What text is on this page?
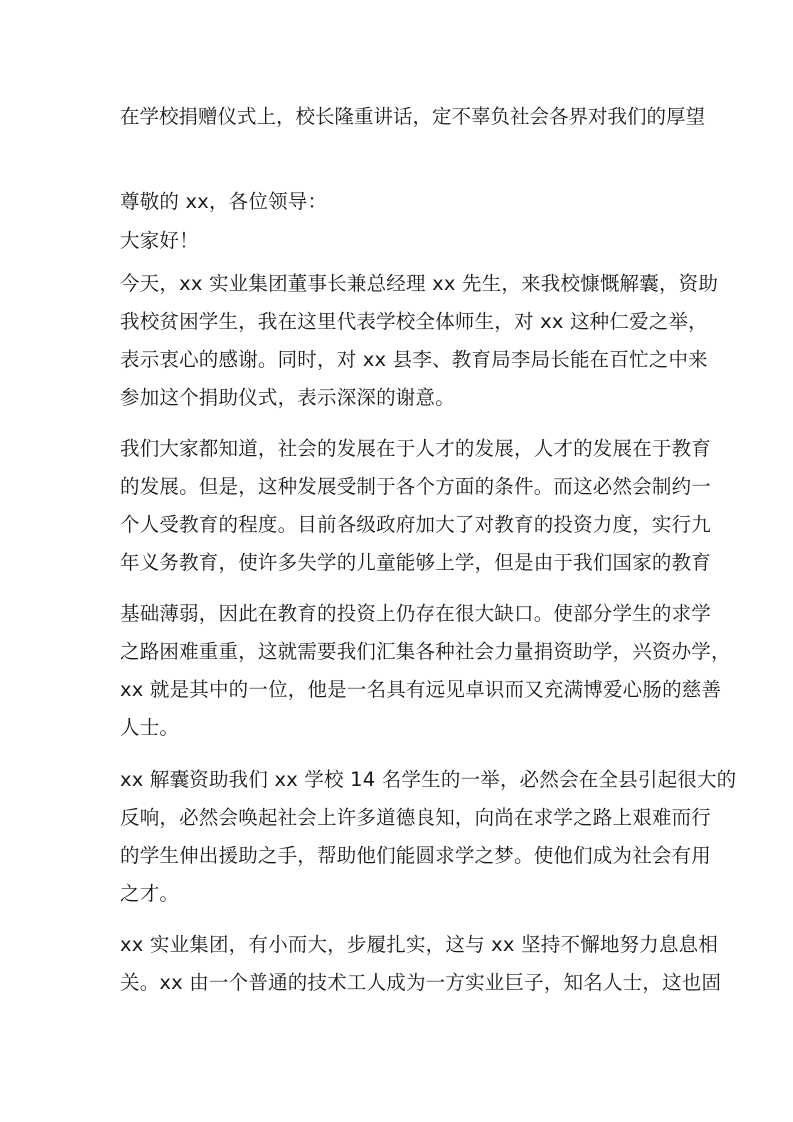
在学校捐赠仪式上，校长隆重讲话，定不辜负社会各界对我们的厚望
尊敬的 xx，各位领导：
大家好！
今天，xx 实业集团董事长兼总经理 xx 先生，来我校慷慨解囊，资助
我校贫困学生，我在这里代表学校全体师生，对 xx 这种仁爱之举，
表示衷心的感谢。同时，对 xx 县李、教育局李局长能在百忙之中来
参加这个捐助仪式，表示深深的谢意。
我们大家都知道，社会的发展在于人才的发展，人才的发展在于教育
的发展。但是，这种发展受制于各个方面的条件。而这必然会制约一
个人受教育的程度。目前各级政府加大了对教育的投资力度，实行九
年义务教育，使许多失学的儿童能够上学，但是由于我们国家的教育
基础薄弱，因此在教育的投资上仍存在很大缺口。使部分学生的求学
之路困难重重，这就需要我们汇集各种社会力量捐资助学，兴资办学，
xx 就是其中的一位，他是一名具有远见卓识而又充满博爱心肠的慈善
人士。
xx 解囊资助我们 xx 学校 14 名学生的一举，必然会在全县引起很大的
反响，必然会唤起社会上许多道德良知，向尚在求学之路上艰难而行
的学生伸出援助之手，帮助他们能圆求学之梦。使他们成为社会有用
之才。
xx 实业集团，有小而大，步履扎实，这与 xx 坚持不懈地努力息息相
关。xx 由一个普通的技术工人成为一方实业巨子，知名人士，这也固
